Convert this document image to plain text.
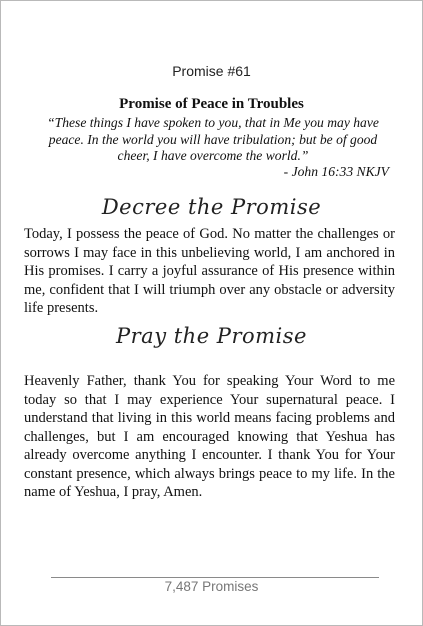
Promise #61
Promise of Peace in Troubles
“These things I have spoken to you, that in Me you may have peace. In the world you will have tribulation; but be of good cheer, I have overcome the world.”
- John 16:33 NKJV
Decree the Promise
Today, I possess the peace of God. No matter the challenges or sorrows I may face in this unbelieving world, I am anchored in His promises. I carry a joyful assurance of His presence within me, confident that I will triumph over any obstacle or adversity life presents.
Pray the Promise
Heavenly Father, thank You for speaking Your Word to me today so that I may experience Your supernatural peace. I understand that living in this world means facing problems and challenges, but I am encouraged knowing that Yeshua has already overcome anything I encounter. I thank You for Your constant presence, which always brings peace to my life. In the name of Yeshua, I pray, Amen.
7,487 Promises
